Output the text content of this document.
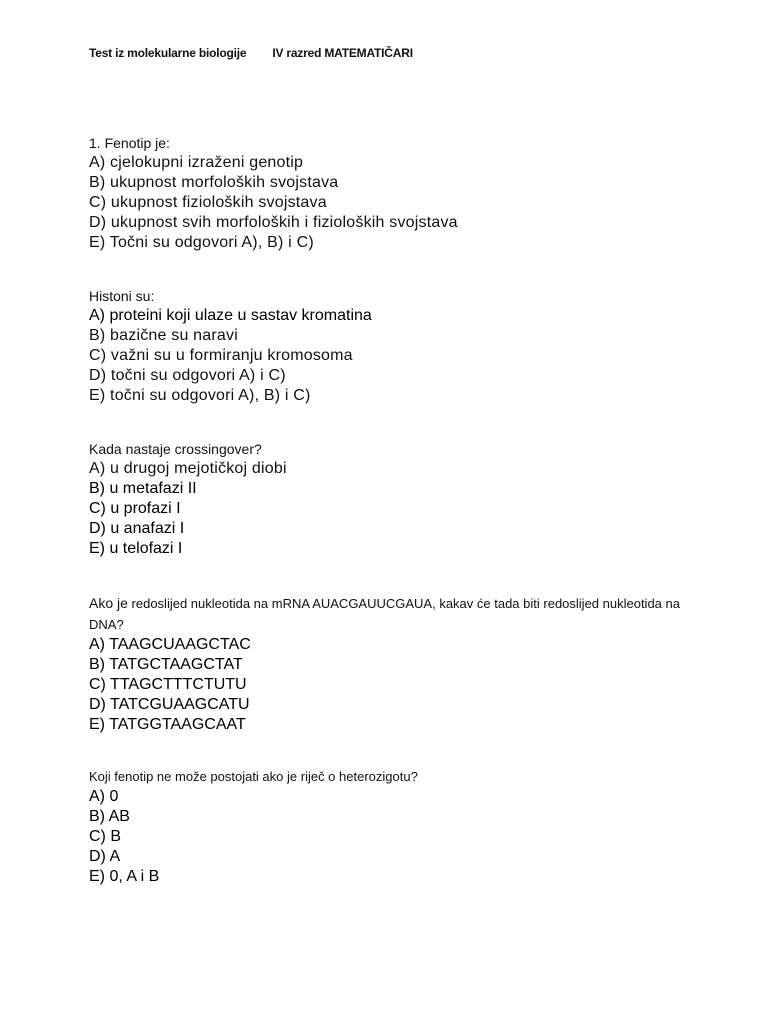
Test iz molekularne biologije IV razred MATEMATIČARI

1. Fenotip je:

A) cjelokupni izraženi genotip
B) ukupnost morfoloških svojstava
C) ukupnost fizioloških svojstava
D) ukupnost svih morfoloških i fizioloških svojstava
E) Točni su odgovori A), B) i C)

Histoni su:

A) proteini koji ulaze u sastav kromatina
B) bazične su naravi
C) važni su u formiranju kromosoma
D) točni su odgovori A) i C)
E) točni su odgovori A), B) i C)

Kada nastaje crossingover?

A) u drugoj mejotičkoj diobi
B) u metafazi II
C) u profazi I
D) u anafazi I
E) u telofazi I

Ako je redoslijed nukleotida na mRNA AUACGAUUCGAUA, kakav će tada biti redoslijed nukleotida na DNA?

A) TAAGCUAAGCTAC
B) TATGCTAAGCTAT
C) TTAGCTTTCTUTU
D) TATCGUAAGCATU
E) TATGGTAAGCAAT

Koji fenotip ne može postojati ako je riječ o heterozigotu?

A) 0
B) AB
C) B
D) A
E) 0, A i B
